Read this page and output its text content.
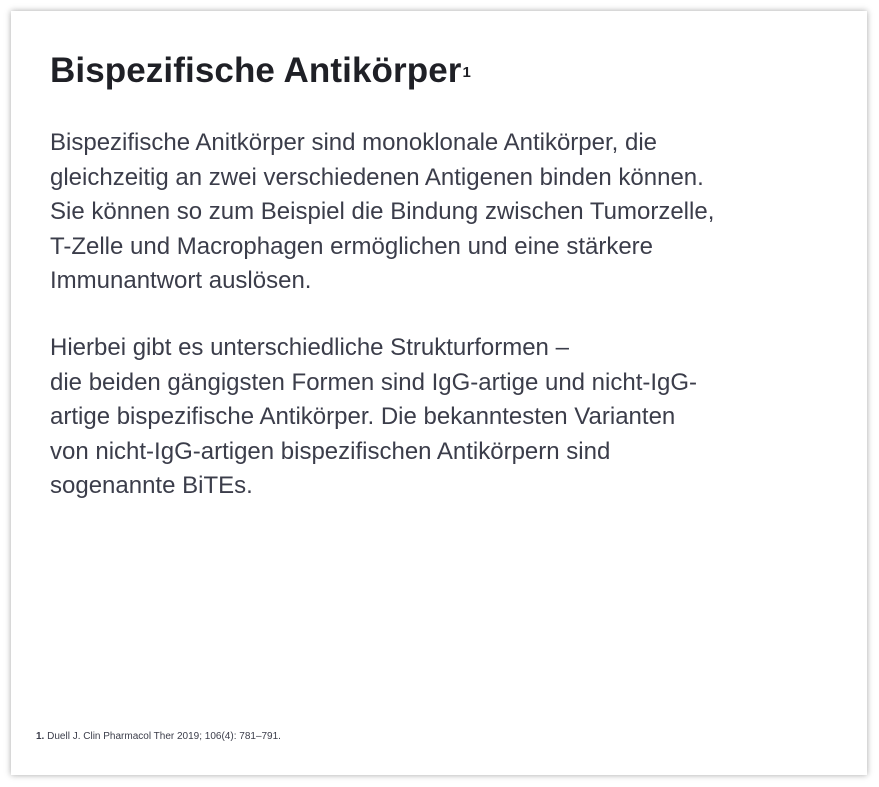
Bispezifische Antikörper$^1$

Bispezifische Anitkörper sind monoklonale Antikörper, die
gleichzeitig an zwei verschiedenen Antigenen binden können.
Sie können so zum Beispiel die Bindung zwischen Tumorzelle,
T-Zelle und Macrophagen ermöglichen und eine stärkere
Immunantwort auslösen.

Hierbei gibt es unterschiedliche Strukturformen –
die beiden gängigsten Formen sind IgG-artige und nicht-IgG-
artige bispezifische Antikörper. Die bekanntesten Varianten
von nicht-IgG-artigen bispezifischen Antikörpern sind
sogenannte BiTEs.

1. Duell J. Clin Pharmacol Ther 2019; 106(4): 781–791.
